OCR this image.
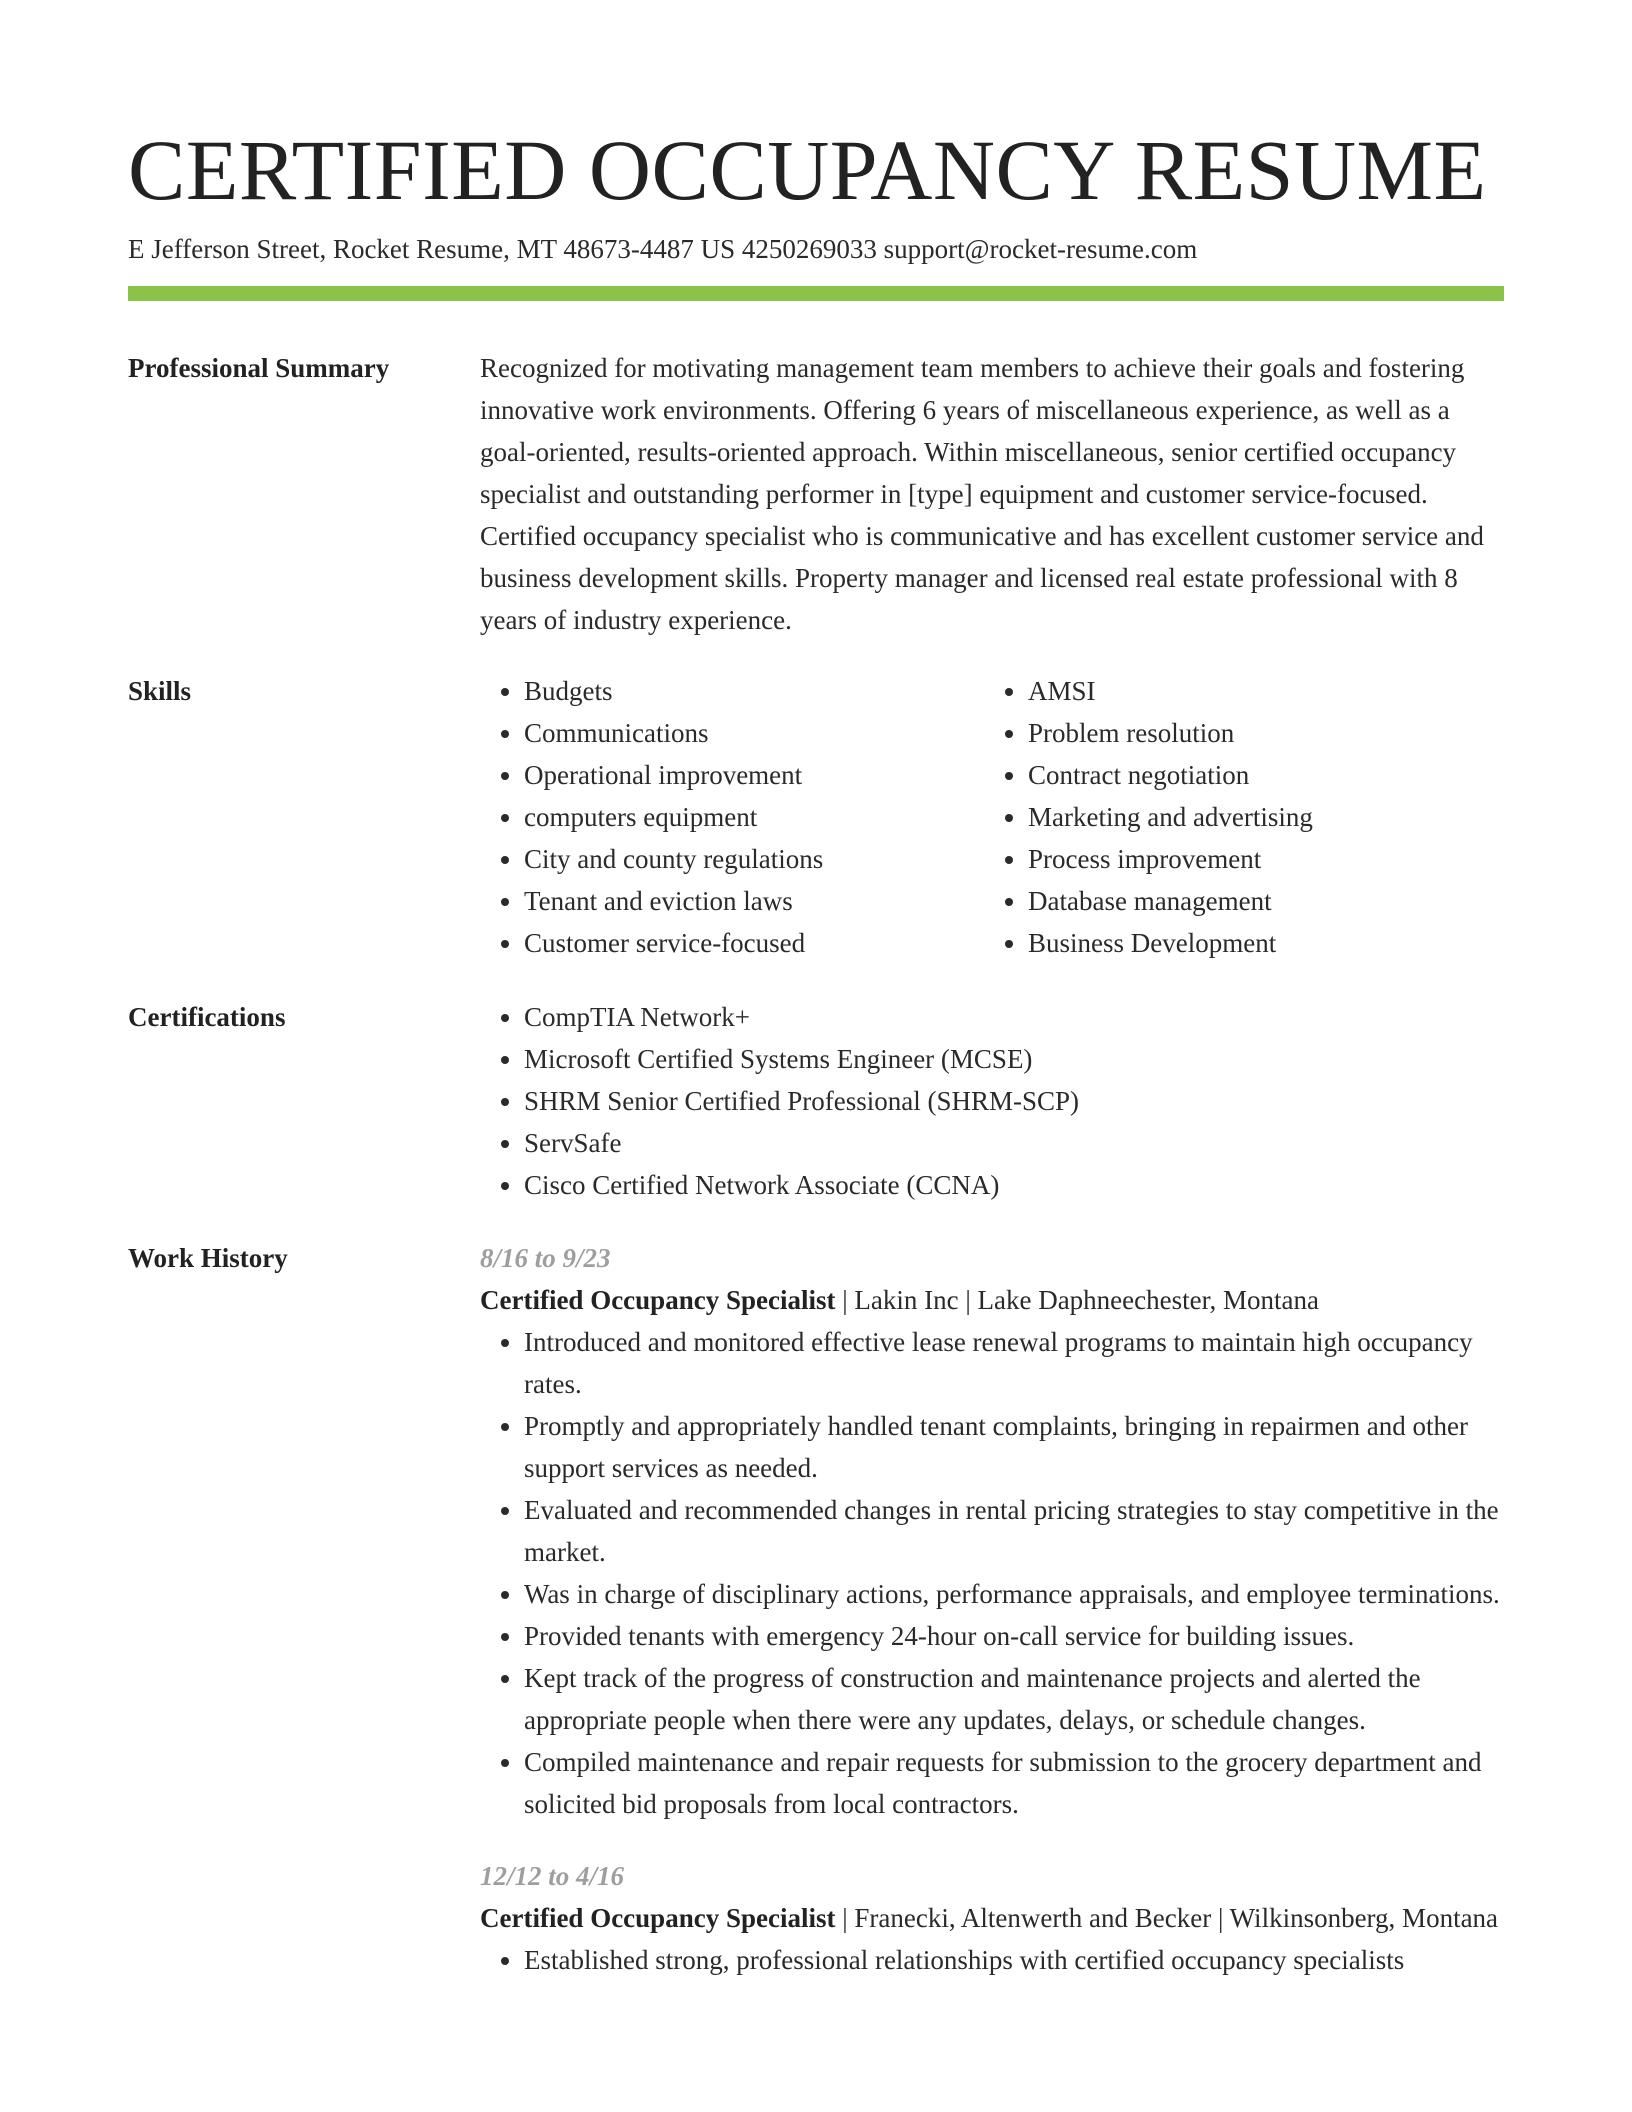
CERTIFIED OCCUPANCY RESUME
E Jefferson Street, Rocket Resume, MT 48673-4487 US 4250269033 support@rocket-resume.com
Professional Summary	Recognized for motivating management team members to achieve their goals and fostering innovative work environments. Offering 6 years of miscellaneous experience, as well as a goal-oriented, results-oriented approach. Within miscellaneous, senior certified occupancy specialist and outstanding performer in [type] equipment and customer service-focused. Certified occupancy specialist who is communicative and has excellent customer service and business development skills. Property manager and licensed real estate professional with 8 years of industry experience.

Skills	• Budgets
• Communications
• Operational improvement
• computers equipment
• City and county regulations
• Tenant and eviction laws
• Customer service-focused
• AMSI
• Problem resolution
• Contract negotiation
• Marketing and advertising
• Process improvement
• Database management
• Business Development
Certifications	• CompTIA Network+
• Microsoft Certified Systems Engineer (MCSE)
• SHRM Senior Certified Professional (SHRM-SCP)
• ServSafe
• Cisco Certified Network Associate (CCNA)
Work History	8/16 to 9/23
Certified Occupancy Specialist | Lakin Inc | Lake Daphneechester, Montana
• Introduced and monitored effective lease renewal programs to maintain high occupancy rates.
• Promptly and appropriately handled tenant complaints, bringing in repairmen and other support services as needed.
• Evaluated and recommended changes in rental pricing strategies to stay competitive in the market.
• Was in charge of disciplinary actions, performance appraisals, and employee terminations.
• Provided tenants with emergency 24-hour on-call service for building issues.
• Kept track of the progress of construction and maintenance projects and alerted the appropriate people when there were any updates, delays, or schedule changes.
• Compiled maintenance and repair requests for submission to the grocery department and solicited bid proposals from local contractors.
12/12 to 4/16
Certified Occupancy Specialist | Franecki, Altenwerth and Becker | Wilkinsonberg, Montana
• Established strong, professional relationships with certified occupancy specialists
